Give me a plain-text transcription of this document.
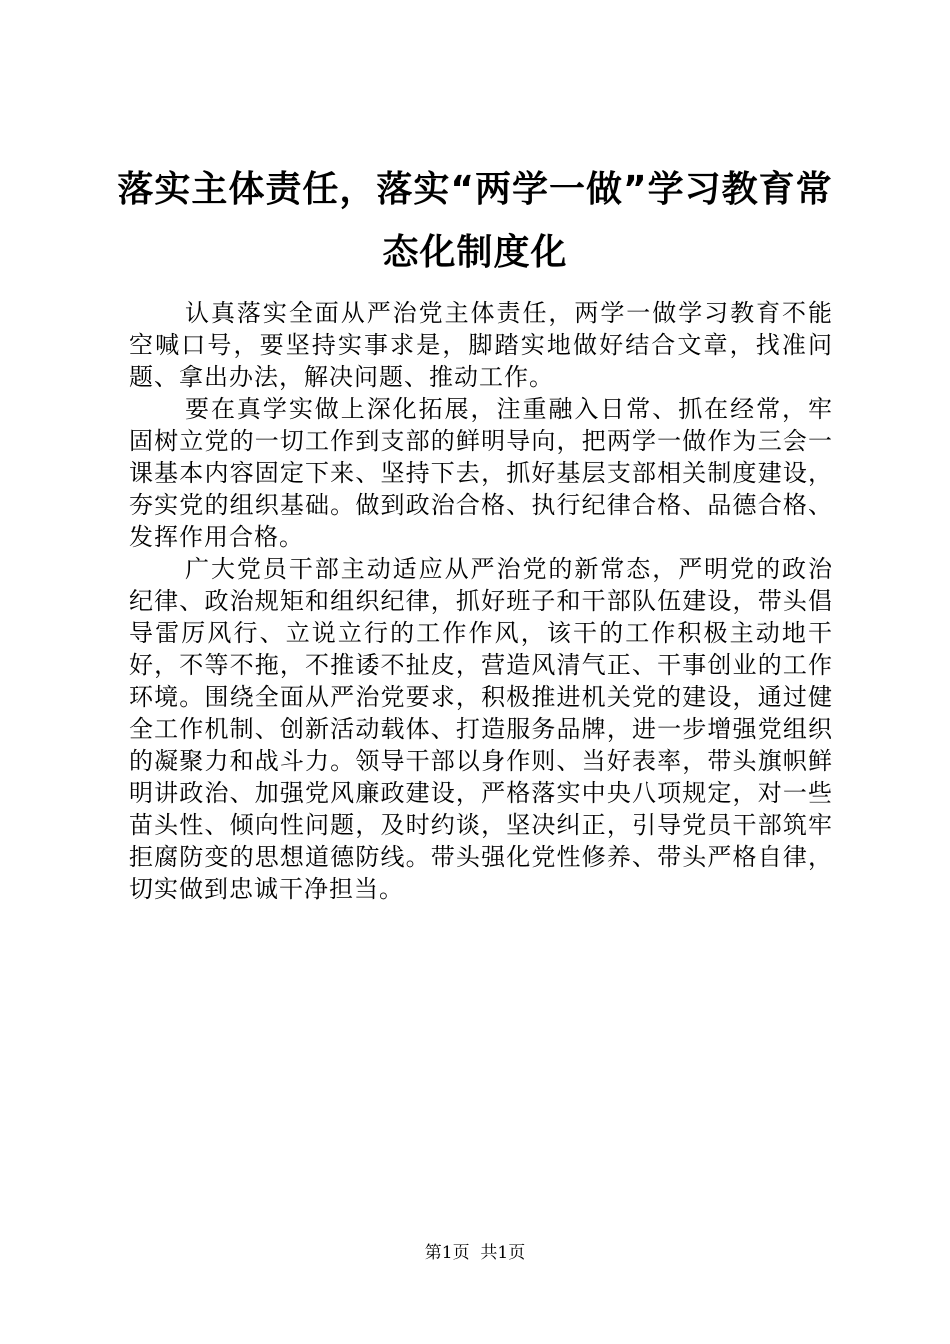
落实主体责任，落实“两学一做”学习教育常态化制度化

认真落实全面从严治党主体责任，两学一做学习教育不能空喊口号，要坚持实事求是，脚踏实地做好结合文章，找准问题、拿出办法，解决问题、推动工作。

要在真学实做上深化拓展，注重融入日常、抓在经常，牢固树立党的一切工作到支部的鲜明导向，把两学一做作为三会一课基本内容固定下来、坚持下去，抓好基层支部相关制度建设，夯实党的组织基础。做到政治合格、执行纪律合格、品德合格、发挥作用合格。

广大党员干部主动适应从严治党的新常态，严明党的政治纪律、政治规矩和组织纪律，抓好班子和干部队伍建设，带头倡导雷厉风行、立说立行的工作作风，该干的工作积极主动地干好，不等不拖，不推诿不扯皮，营造风清气正、干事创业的工作环境。围绕全面从严治党要求，积极推进机关党的建设，通过健全工作机制、创新活动载体、打造服务品牌，进一步增强党组织的凝聚力和战斗力。领导干部以身作则、当好表率，带头旗帜鲜明讲政治、加强党风廉政建设，严格落实中央八项规定，对一些苗头性、倾向性问题，及时约谈，坚决纠正，引导党员干部筑牢拒腐防变的思想道德防线。带头强化党性修养、带头严格自律，切实做到忠诚干净担当。

第1页  共1页
